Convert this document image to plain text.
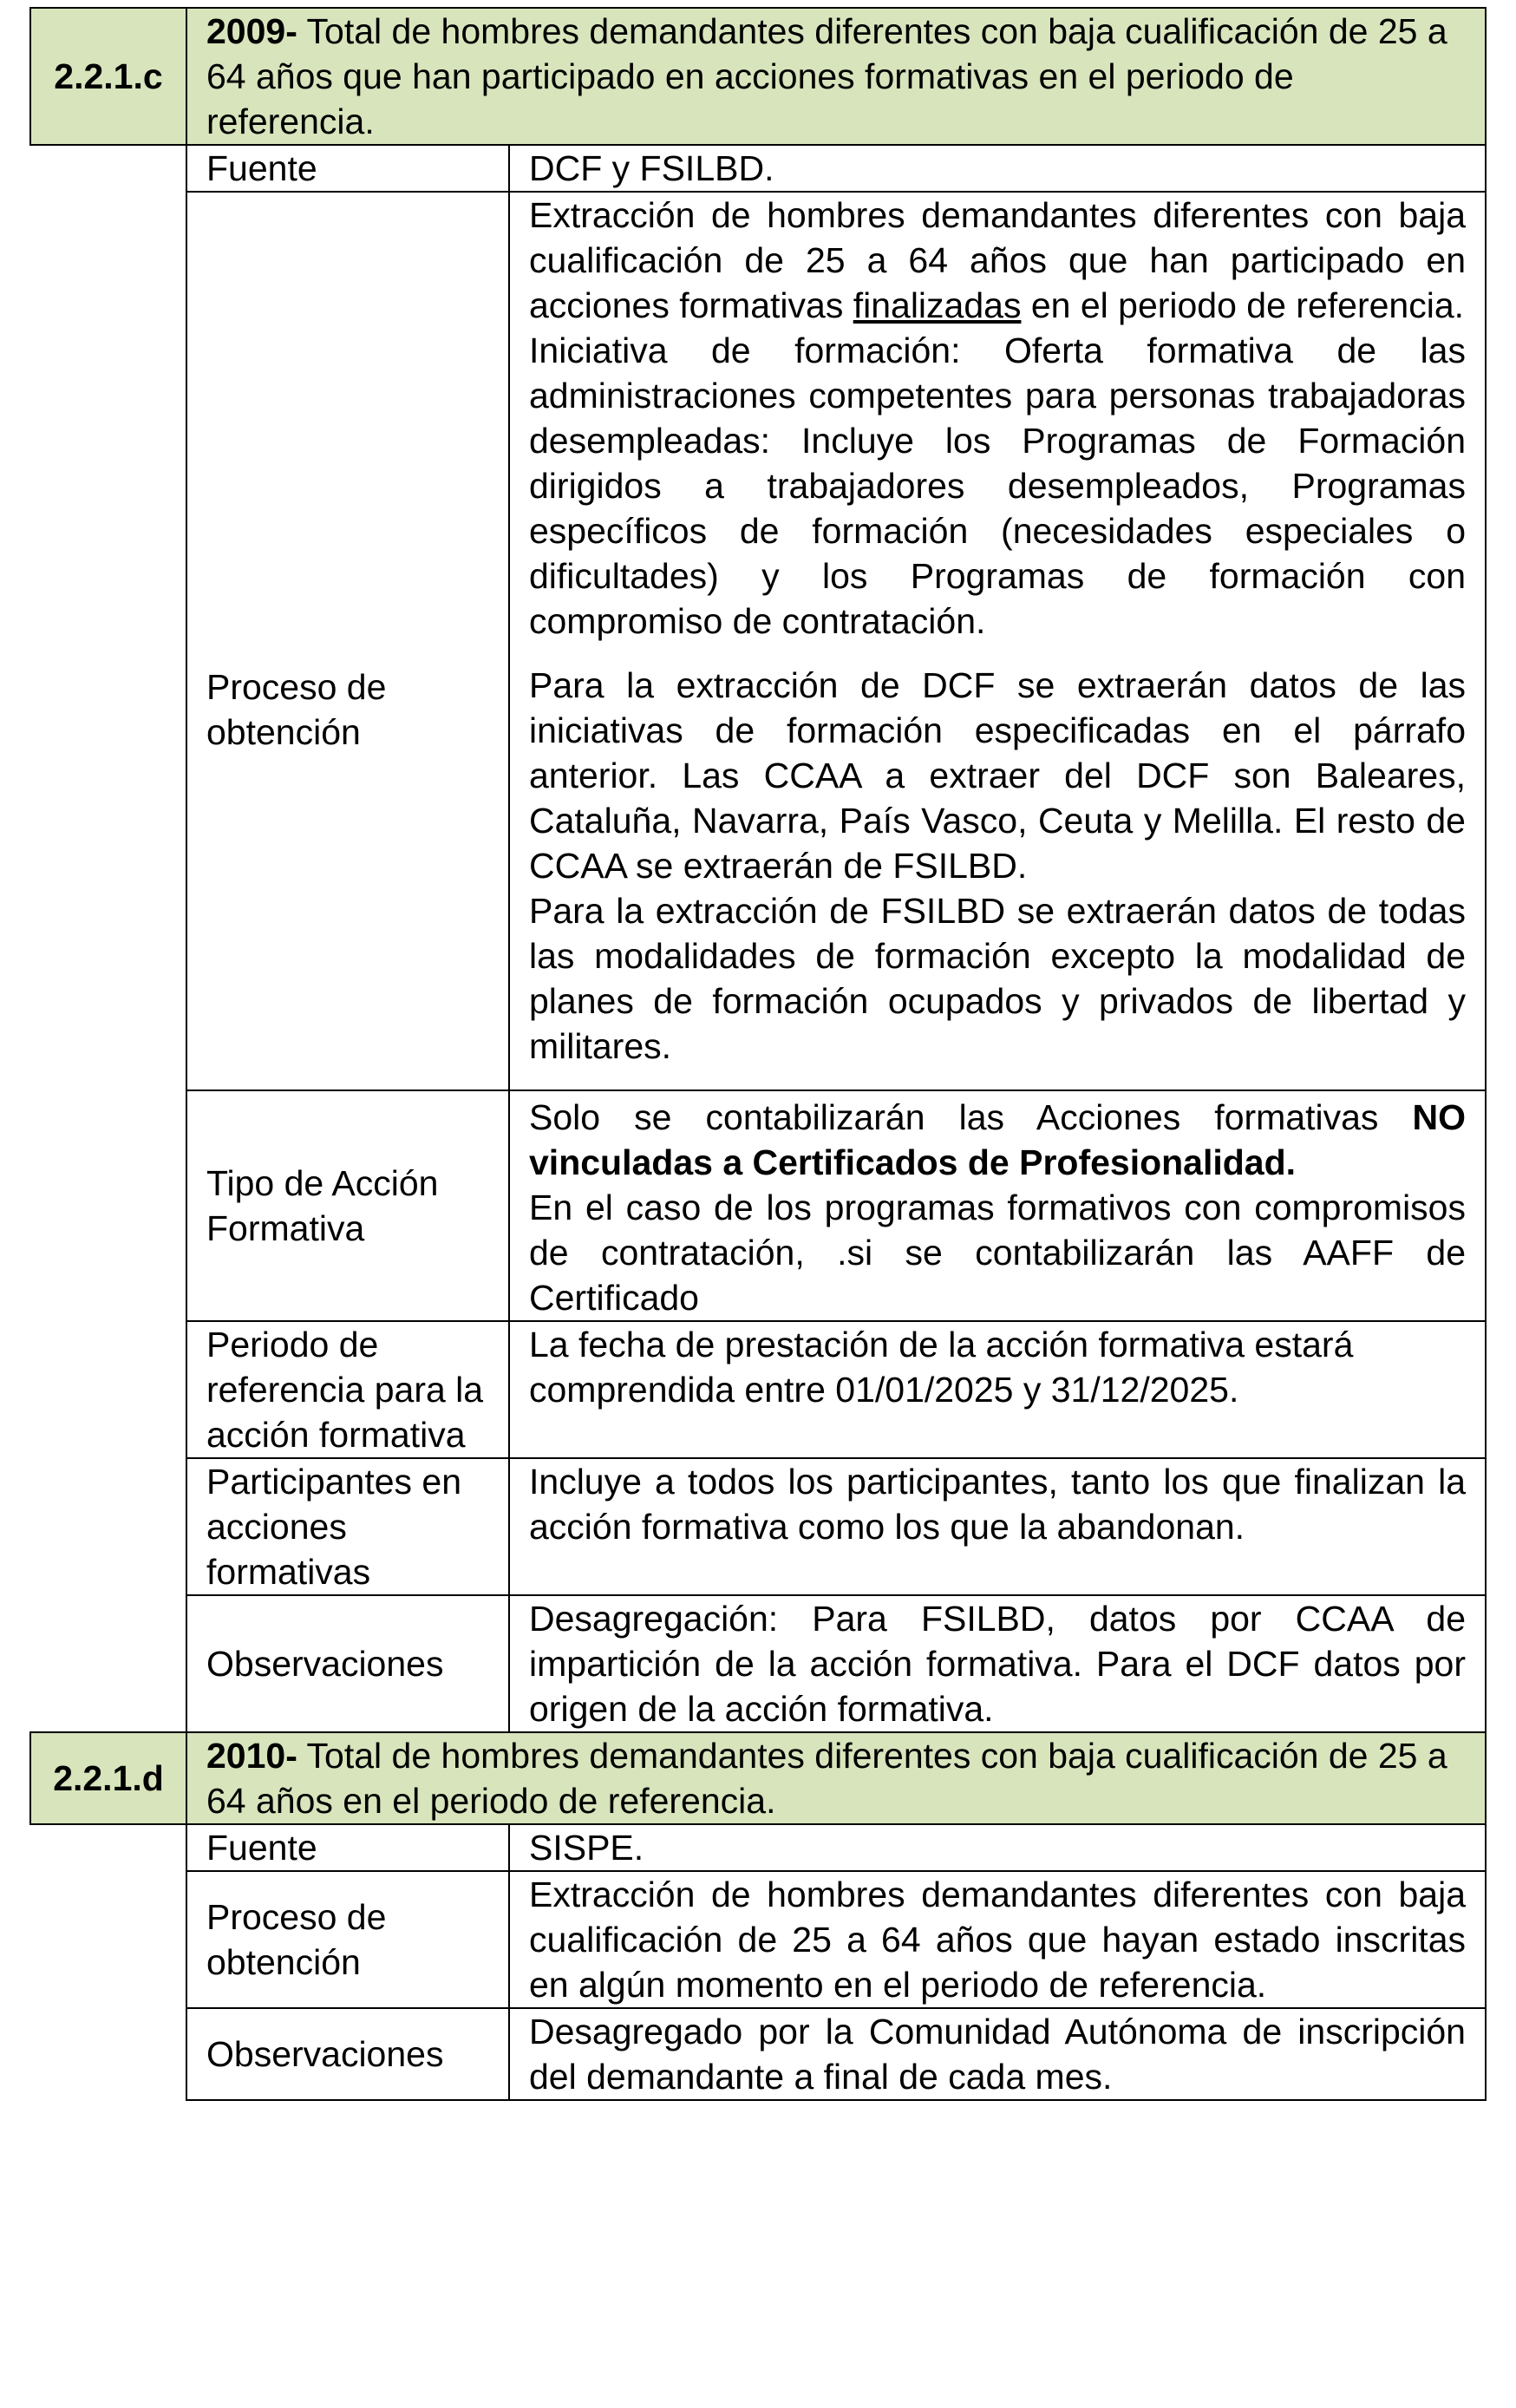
2.2.1.c	2009- Total de hombres demandantes diferentes con baja cualificación de 25 a 64 años que han participado en acciones formativas en el periodo de referencia.	
	Fuente	DCF y FSILBD.
	Proceso de obtención	Extracción de hombres demandantes diferentes con baja cualificación de 25 a 64 años que han participado en acciones formativas finalizadas en el periodo de referencia.

Iniciativa de formación: Oferta formativa de las administraciones competentes para personas trabajadoras desempleadas: Incluye los Programas de Formación dirigidos a trabajadores desempleados, Programas específicos de formación (necesidades especiales o dificultades) y los Programas de formación con compromiso de contratación.

Para la extracción de DCF se extraerán datos de las iniciativas de formación especificadas en el párrafo anterior. Las CCAA a extraer del DCF son Baleares, Cataluña, Navarra, País Vasco, Ceuta y Melilla. El resto de CCAA se extraerán de FSILBD.

Para la extracción de FSILBD se extraerán datos de todas las modalidades de formación excepto la modalidad de planes de formación ocupados y privados de libertad y militares.

	Tipo de Acción Formativa	Solo se contabilizarán las Acciones formativas NO vinculadas a Certificados de Profesionalidad.

En el caso de los programas formativos con compromisos de contratación, .si se contabilizarán las AAFF de Certificado

	Periodo de referencia para la acción formativa	La fecha de prestación de la acción formativa estará comprendida entre 01/01/2025 y 31/12/2025.
	Participantes en acciones formativas	Incluye a todos los participantes, tanto los que finalizan la acción formativa como los que la abandonan.
	Observaciones	Desagregación: Para FSILBD, datos por CCAA de impartición de la acción formativa. Para el DCF datos por origen de la acción formativa.
2.2.1.d	2010- Total de hombres demandantes diferentes con baja cualificación de 25 a 64 años en el periodo de referencia.	
	Fuente	SISPE.
	Proceso de obtención	Extracción de hombres demandantes diferentes con baja cualificación de 25 a 64 años que hayan estado inscritas en algún momento en el periodo de referencia.
	Observaciones	Desagregado por la Comunidad Autónoma de inscripción del demandante a final de cada mes.
